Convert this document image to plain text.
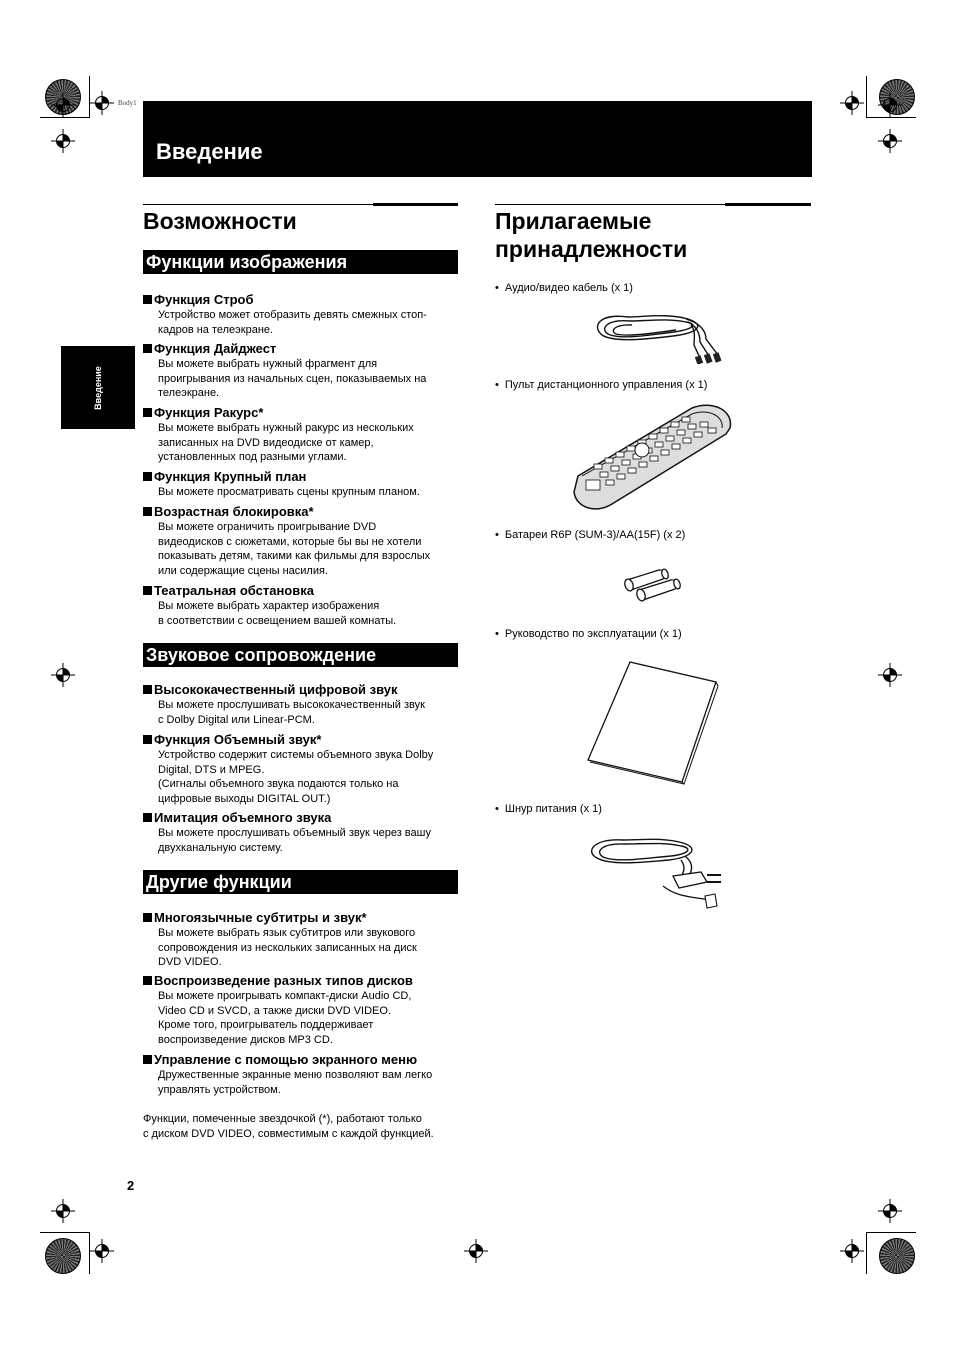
Body1
Введение
Введение
Возможности
Функции изображения
Функция Строб
Устройство может отобразить девять смежных стоп-
кадров на телеэкране.
Функция Дайджест
Вы можете выбрать нужный фрагмент для
проигрывания из начальных сцен, показываемых на
телеэкране.
Функция Ракурс*
Вы можете выбрать нужный ракурс из нескольких
записанных на DVD видеодиске от камер,
установленных под разными углами.
Функция Крупный план
Вы можете просматривать сцены крупным планом.
Возрастная блокировка*
Вы можете ограничить проигрывание DVD
видеодисков с сюжетами, которые бы вы не хотели
показывать детям, такими как фильмы для взрослых
или содержащие сцены насилия.
Театральная обстановка
Вы можете выбрать характер изображения
в соответствии с освещением вашей комнаты.
Звуковое сопровождение
Высококачественный цифровой звук
Вы можете прослушивать высококачественный звук
с Dolby Digital или Linear-PCM.
Функция Объемный звук*
Устройство содержит системы объемного звука Dolby
Digital, DTS и MPEG.
(Сигналы объемного звука подаются только на
цифровые выходы DIGITAL OUT.)
Имитация объемного звука
Вы можете прослушивать объемный звук через вашу
двухканальную систему.
Другие функции
Многоязычные субтитры и звук*
Вы можете выбрать язык субтитров или звукового
сопровождения из нескольких записанных на диск
DVD VIDEO.
Воспроизведение разных типов дисков
Вы можете проигрывать компакт-диски Audio CD,
Video CD и SVCD, а также диски DVD VIDEO.
Кроме того, проигрыватель поддерживает
воспроизведение дисков MP3 CD.
Управление с помощью экранного меню
Дружественные экранные меню позволяют вам легко
управлять устройством.
Функции, помеченные звездочкой (*), работают только
с диском DVD VIDEO, совместимым с каждой функцией.
2
Прилагаемые
принадлежности
• Аудио/видео кабель (x 1)
• Пульт дистанционного управления (x 1)
• Батареи R6P (SUM-3)/AA(15F) (x 2)
• Руководство по эксплуатации (x 1)
• Шнур питания (x 1)
